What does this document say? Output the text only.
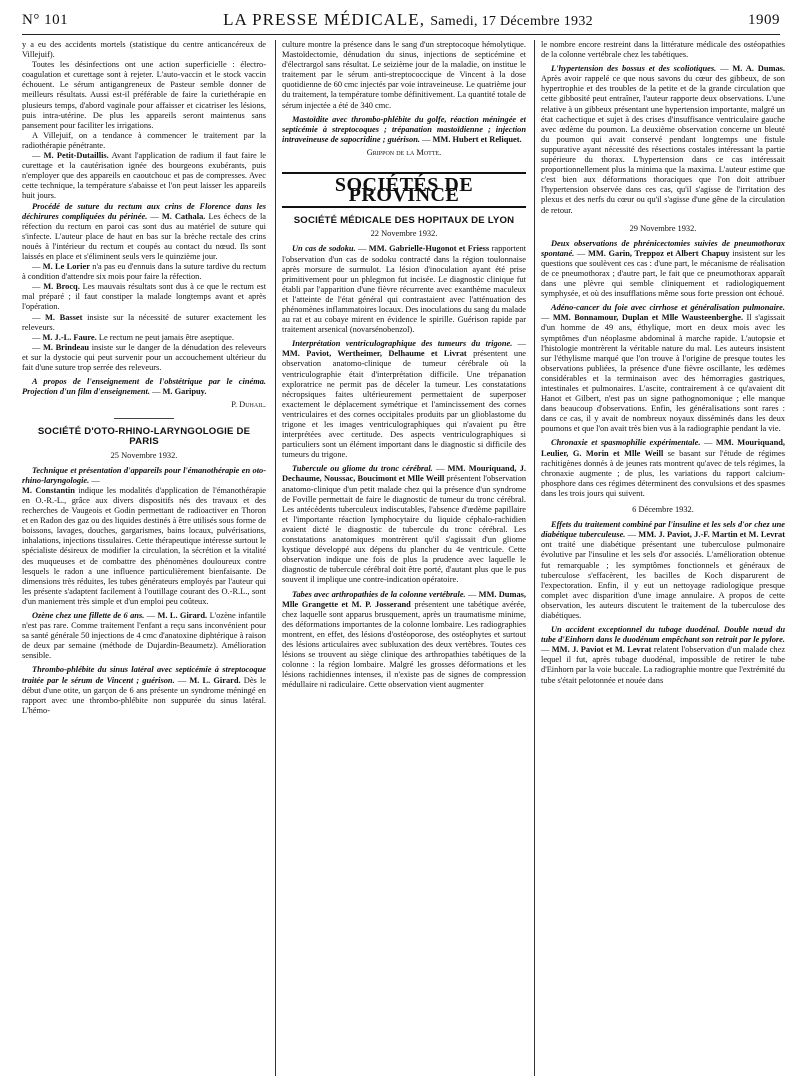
N° 101	LA PRESSE MÉDICALE, Samedi, 17 Décembre 1932	1909

y a eu des accidents mortels (statistique du centre anticancéreux de Villejuif).

Toutes les désinfections ont une action superficielle : électro-coagulation et curettage sont à rejeter. L'auto-vaccin et le stock vaccin échouent. Le sérum antigangreneux de Pasteur semble donner de meilleurs résultats. Aussi est-il préférable de faire la curiethérapie en plusieurs temps, d'abord vaginale pour affaisser et cicatriser les lésions, puis intra-utérine. De plus les appareils seront maintenus sans pansement pour faciliter les irrigations.

A Villejuif, on a tendance à commencer le traitement par la radiothérapie pénétrante.

— M. Petit-Dutaillis. Avant l'application de radium il faut faire le curettage et la cautérisation ignée des bourgeons exubérants, puis n'employer que des appareils en caoutchouc et pas de compresses. Avec cette technique, la température s'abaisse et l'on peut laisser les appareils huit jours.

Procédé de suture du rectum aux crins de Florence dans les déchirures compliquées du périnée. — M. Cathala. Les échecs de la réfection du rectum en paroi cas sont dus au matériel de suture qui s'infecte. L'auteur place de haut en bas sur la brèche rectale des crins noués à l'intérieur du rectum et coupés au contact du nœud. Ils sont laissés en place et s'éliminent seuls vers le quinzième jour.

— M. Le Lorier n'a pas eu d'ennuis dans la suture tardive du rectum à condition d'attendre six mois pour faire la réfection.

— M. Brocq. Les mauvais résultats sont dus à ce que le rectum est mal préparé ; il faut constiper la malade longtemps avant et après l'opération.

— M. Basset insiste sur la nécessité de suturer exactement les releveurs.

— M. J.-L. Faure. Le rectum ne peut jamais être aseptique.

— M. Brindeau insiste sur le danger de la dénudation des releveurs et sur la dystocie qui peut survenir pour un accouchement ultérieur du fait d'une suture trop serrée des releveurs.

A propos de l'enseignement de l'obstétrique par le cinéma. Projection d'un film d'enseignement. — M. Garipuy.

P. Duhail.
SOCIÉTÉ D'OTO-RHINO-LARYNGOLOGIE DE PARIS
25 Novembre 1932.

Technique et présentation d'appareils pour l'émanothérapie en oto-rhino-laryngologie. —
M. Constantin indique les modalités d'application de l'émanothérapie en O.-R.-L., grâce aux divers dispositifs nés des travaux et des recherches de Vaugeois et Godin permettant de radioactiver en Thoron et en Radon des gaz ou des liquides destinés à être utilisés sous forme de boissons, lavages, douches, gargarismes, bains locaux, pulvérisations, inhalations, injections tissulaires. Cette thérapeutique intéresse surtout le spécialiste désireux de modifier la circulation, la sécrétion et la vitalité des muqueuses et de combattre des phénomènes douloureux contre lesquels le radon a une influence particulièrement bienfaisante. De dimensions très réduites, les tubes générateurs employés par l'auteur qui les présente s'adaptent facilement à l'outillage courant des O.-R.L., sont d'un maniement très simple et d'un emploi peu coûteux.

Ozène chez une fillette de 6 ans. — M. L. Girard. L'ozène infantile n'est pas rare. Comme traitement l'enfant a reçu sans inconvénient pour sa santé générale 50 injections de 4 cmc d'anatoxine diphtérique à raison de deux par semaine (méthode de Dujardin-Beaumetz). Amélioration sensible.

Thrombo-phlébite du sinus latéral avec septicémie à streptocoque traitée par le sérum de Vincent ; guérison. — M. L. Girard. Dès le début d'une otite, un garçon de 6 ans présente un syndrome méningé en rapport avec une thrombo-phlébite non suppurée du sinus latéral. L'hémo-

culture montre la présence dans le sang d'un streptocoque hémolytique. Mastoïdectomie, dénudation du sinus, injections de septicémine et d'électrargol sans résultat. Le seizième jour de la maladie, on institue le traitement par le sérum anti-streptococcique de Vincent à la dose quotidienne de 60 cmc injectés par voie intraveineuse. Le quatrième jour du traitement, la température tombe définitivement. La quantité totale de sérum injectée a été de 340 cmc.

Mastoïdite avec thrombo-phlébite du golfe, réaction méningée et septicémie à streptocoques ; trépanation mastoïdienne ; injection intraveineuse de sapocridine ; guérison. — MM. Hubert et Reliquet.

Grippon de la Motte.
SOCIÉTÉS DE PROVINCE
SOCIÉTÉ MÉDICALE DES HOPITAUX DE LYON
22 Novembre 1932.

Un cas de sodoku. — MM. Gabrielle-Hugonot et Friess rapportent l'observation d'un cas de sodoku contracté dans la région toulonnaise après morsure de surmulot. La lésion d'inoculation ayant été prise primitivement pour un phlegmon fut incisée. Le diagnostic clinique fut établi par l'apparition d'une fièvre récurrente avec exanthème maculeux et l'atteinte de l'état général qui contrastaient avec l'atténuation des phénomènes inflammatoires locaux. Des inoculations du sang du malade au rat et au cobaye mirent en évidence le spirille. Guérison rapide par traitement arsenical (novarsénobenzol).

Interprétation ventriculographique des tumeurs du trigone. — MM. Paviot, Wertheimer, Delhaume et Livrat présentent une observation anatomo-clinique de tumeur cérébrale où la ventriculographie était d'interprétation difficile. Une trépanation exploratrice ne permit pas de déceler la tumeur. Les constatations nécropsiques faites ultérieurement permettaient de superposer exactement le déplacement symétrique et l'amincissement des cornes ventriculaires et des cornes occipitales produits par un glioblastome du trigone et les images ventriculographiques qui n'avaient pu être interprétées avec certitude. Des aspects ventriculographiques si particuliers sont un élément important dans le diagnostic si difficile des tumeurs du trigone.

Tubercule ou gliome du tronc cérébral. — MM. Mouriquand, J. Dechaume, Noussac, Boucimont et Mlle Weill présentent l'observation anatomo-clinique d'un petit malade chez qui la présence d'un syndrome de Foville permettait de faire le diagnostic de tumeur du tronc cérébral. Les antécédents tuberculeux indiscutables, l'absence d'œdème papillaire et l'importante réaction lymphocytaire du liquide céphalo-rachidien avaient dicté le diagnostic de tubercule du tronc cérébral. Les constatations anatomiques montrèrent qu'il s'agissait d'un gliome kystique développé aux dépens du plancher du 4e ventricule. Cette observation indique une fois de plus la prudence avec laquelle le diagnostic de tubercule cérébral doit être porté, d'autant plus que le pus souvent il implique une contre-indication opératoire.

Tabes avec arthropathies de la colonne vertébrale. — MM. Dumas, Mlle Grangette et M. P. Josserand présentent une tabétique avérée, chez laquelle sont apparus brusquement, après un traumatisme minime, des déformations importantes de la colonne lombaire. Les radiographies montrent, en effet, des lésions d'ostéoporose, des ostéophytes et surtout des lésions articulaires avec subluxation des deux vertèbres. Toutes ces lésions se trouvent au siège clinique des arthropathies tabétiques de la colonne : la région lombaire. Malgré les grosses déformations et les lésions rachidiennes intenses, il n'existe pas de signes de compression médullaire ni radiculaire. Cette observation vient augmenter

le nombre encore restreint dans la littérature médicale des ostéopathies de la colonne vertébrale chez les tabétiques.

L'hypertension des bossus et des scoliotiques. — M. A. Dumas. Après avoir rappelé ce que nous savons du cœur des gibbeux, de son hypertrophie et des troubles de la petite et de la grande circulation que cette gibbosité peut entraîner, l'auteur rapporte deux observations. L'une relative à un gibbeux présentant une hypertension importante, malgré un état cachectique et sujet à des crises d'insuffisance ventriculaire gauche avec œdème du poumon. La deuxième observation concerne un bleuté du poumon qui avait conservé pendant longtemps une fistule suppurative ayant nécessité des résections costales intéressant la partie supérieure du thorax. L'hypertension dans ce cas intéressait proportionnellement plus la minima que la maxima. L'auteur estime que c'est bien aux déformations thoraciques que l'on doit attribuer l'hypertension observée dans ces cas, qu'il s'agisse de l'irritation des plexus et des nerfs du cœur ou qu'il s'agisse d'une gêne de la circulation de retour.

29 Novembre 1932.

Deux observations de phrénicectomies suivies de pneumothorax spontané. — MM. Garin, Treppoz et Albert Chapuy insistent sur les questions que soulèvent ces cas : d'une part, le mécanisme de réalisation de ce pneumothorax ; d'autre part, le fait que ce pneumothorax apparaît dans une plèvre qui semble cliniquement et radiologiquement symphysée, et où des insufflations même sous forte pression ont échoué.

Adéno-cancer du foie avec cirrhose et généralisation pulmonaire. — MM. Bonnamour, Duplan et Mlle Wausteenberghe. Il s'agissait d'un homme de 49 ans, éthylique, mort en deux mois avec les symptômes d'un néoplasme abdominal à marche rapide. L'autopsie et l'histologie montrèrent la véritable nature du mal. Les auteurs insistent sur l'éthylisme marqué que l'on trouve à l'origine de presque toutes les observations publiées, la présence d'une fièvre oscillante, les œdèmes considérables et la terminaison avec des hémorragies gastriques, intestinales et pulmonaires. L'ascite, contrairement à ce qu'avaient dit Hanot et Gilbert, n'est pas un signe pathognomonique ; elle manque dans beaucoup d'observations. Enfin, les généralisations sont rares : dans ce cas, il y avait de nombreux noyaux disséminés dans les deux poumons et que l'on avait très bien vus à la radiographie pendant la vie.

Chronaxie et spasmophilie expérimentale. — MM. Mouriquand, Leulier, G. Morin et Mlle Weill se basant sur l'étude de régimes rachitigènes donnés à de jeunes rats montrent qu'avec de tels régimes, la chronaxie augmente ; de plus, les variations du rapport calcium-phosphore dans ces régimes déterminent des convulsions et des spasmes dans les trois jours qui suivent.

6 Décembre 1932.

Effets du traitement combiné par l'insuline et les sels d'or chez une diabétique tuberculeuse. — MM. J. Paviot, J.-F. Martin et M. Levrat ont traité une diabétique présentant une tuberculose pulmonaire évolutive par l'insuline et les sels d'or associés. L'amélioration obtenue fut remarquable ; les symptômes fonctionnels et généraux de tuberculose s'effacèrent, les bacilles de Koch disparurent de l'expectoration. Enfin, il y eut un nettoyage radiologique presque complet avec disparition d'une image annulaire. A propos de cette observation, les auteurs discutent le traitement de la tuberculose des diabétiques.

Un accident exceptionnel du tubage duodénal. Double nœud du tube d'Einhorn dans le duodénum empêchant son retrait par le pylore. — MM. J. Paviot et M. Levrat relatent l'observation d'un malade chez lequel il fut, après tubage duodénal, impossible de retirer le tube d'Einhorn par la voie buccale. La radiographie montre que l'extrémité du tube s'était pelotonnée et nouée dans
